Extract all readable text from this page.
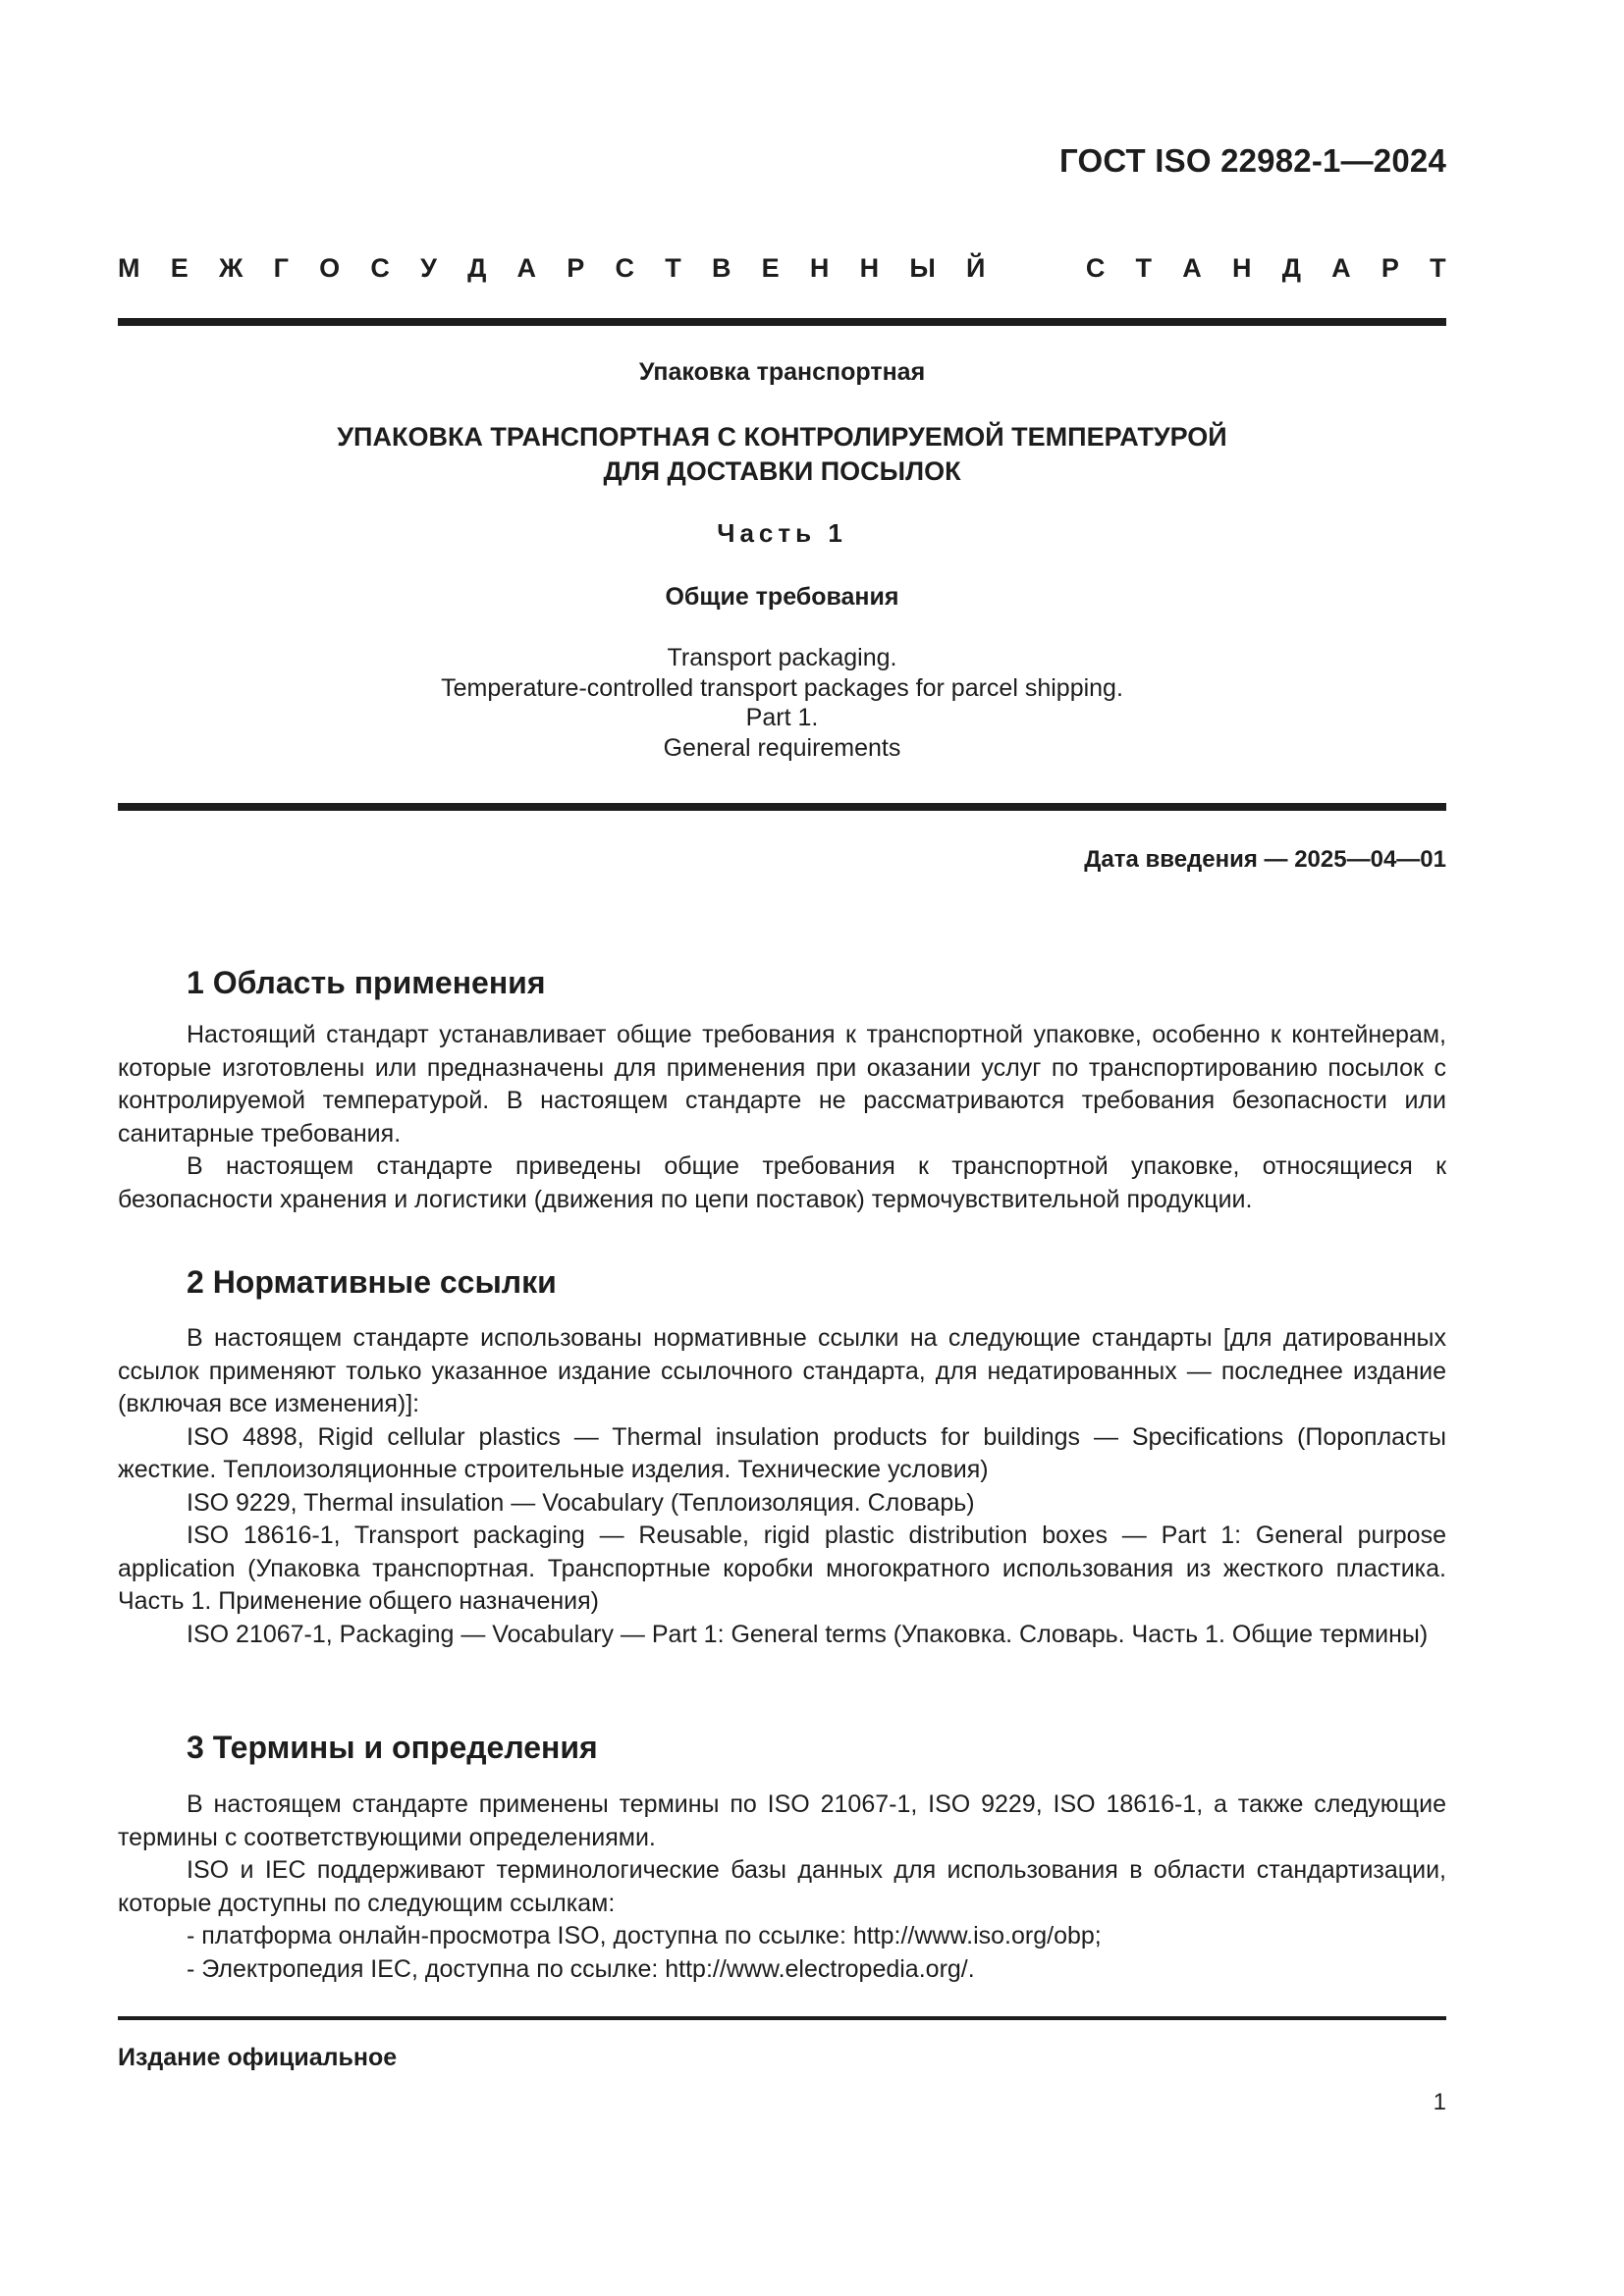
ГОСТ ISO 22982-1—2024
М Е Ж Г О С У Д А Р С Т В Е Н Н Ы Й	С Т А Н Д А Р Т
Упаковка транспортная
УПАКОВКА ТРАНСПОРТНАЯ С КОНТРОЛИРУЕМОЙ ТЕМПЕРАТУРОЙ
ДЛЯ ДОСТАВКИ ПОСЫЛОК
Часть 1
Общие требования
Transport packaging.
Temperature-controlled transport packages for parcel shipping.
Part 1.
General requirements
Дата введения — 2025—04—01
1 Область применения

Настоящий стандарт устанавливает общие требования к транспортной упаковке, особенно к контейнерам, которые изготовлены или предназначены для применения при оказании услуг по транспортированию посылок с контролируемой температурой. В настоящем стандарте не рассматриваются требования безопасности или санитарные требования.

В настоящем стандарте приведены общие требования к транспортной упаковке, относящиеся к безопасности хранения и логистики (движения по цепи поставок) термочувствительной продукции.

2 Нормативные ссылки

В настоящем стандарте использованы нормативные ссылки на следующие стандарты [для датированных ссылок применяют только указанное издание ссылочного стандарта, для недатированных — последнее издание (включая все изменения)]:

ISO 4898, Rigid cellular plastics — Thermal insulation products for buildings — Specifications (Поропласты жесткие. Теплоизоляционные строительные изделия. Технические условия)

ISO 9229, Thermal insulation — Vocabulary (Теплоизоляция. Словарь)

ISO 18616-1, Transport packaging — Reusable, rigid plastic distribution boxes — Part 1: General purpose application (Упаковка транспортная. Транспортные коробки многократного использования из жесткого пластика. Часть 1. Применение общего назначения)

ISO 21067-1, Packaging — Vocabulary — Part 1: General terms (Упаковка. Словарь. Часть 1. Общие термины)

3 Термины и определения

В настоящем стандарте применены термины по ISO 21067-1, ISO 9229, ISO 18616-1, а также следующие термины с соответствующими определениями.

ISO и IEC поддерживают терминологические базы данных для использования в области стандартизации, которые доступны по следующим ссылкам:

- платформа онлайн-просмотра ISO, доступна по ссылке: http://www.iso.org/obp;

- Электропедия IEC, доступна по ссылке: http://www.electropedia.org/.

Издание официальное
1
